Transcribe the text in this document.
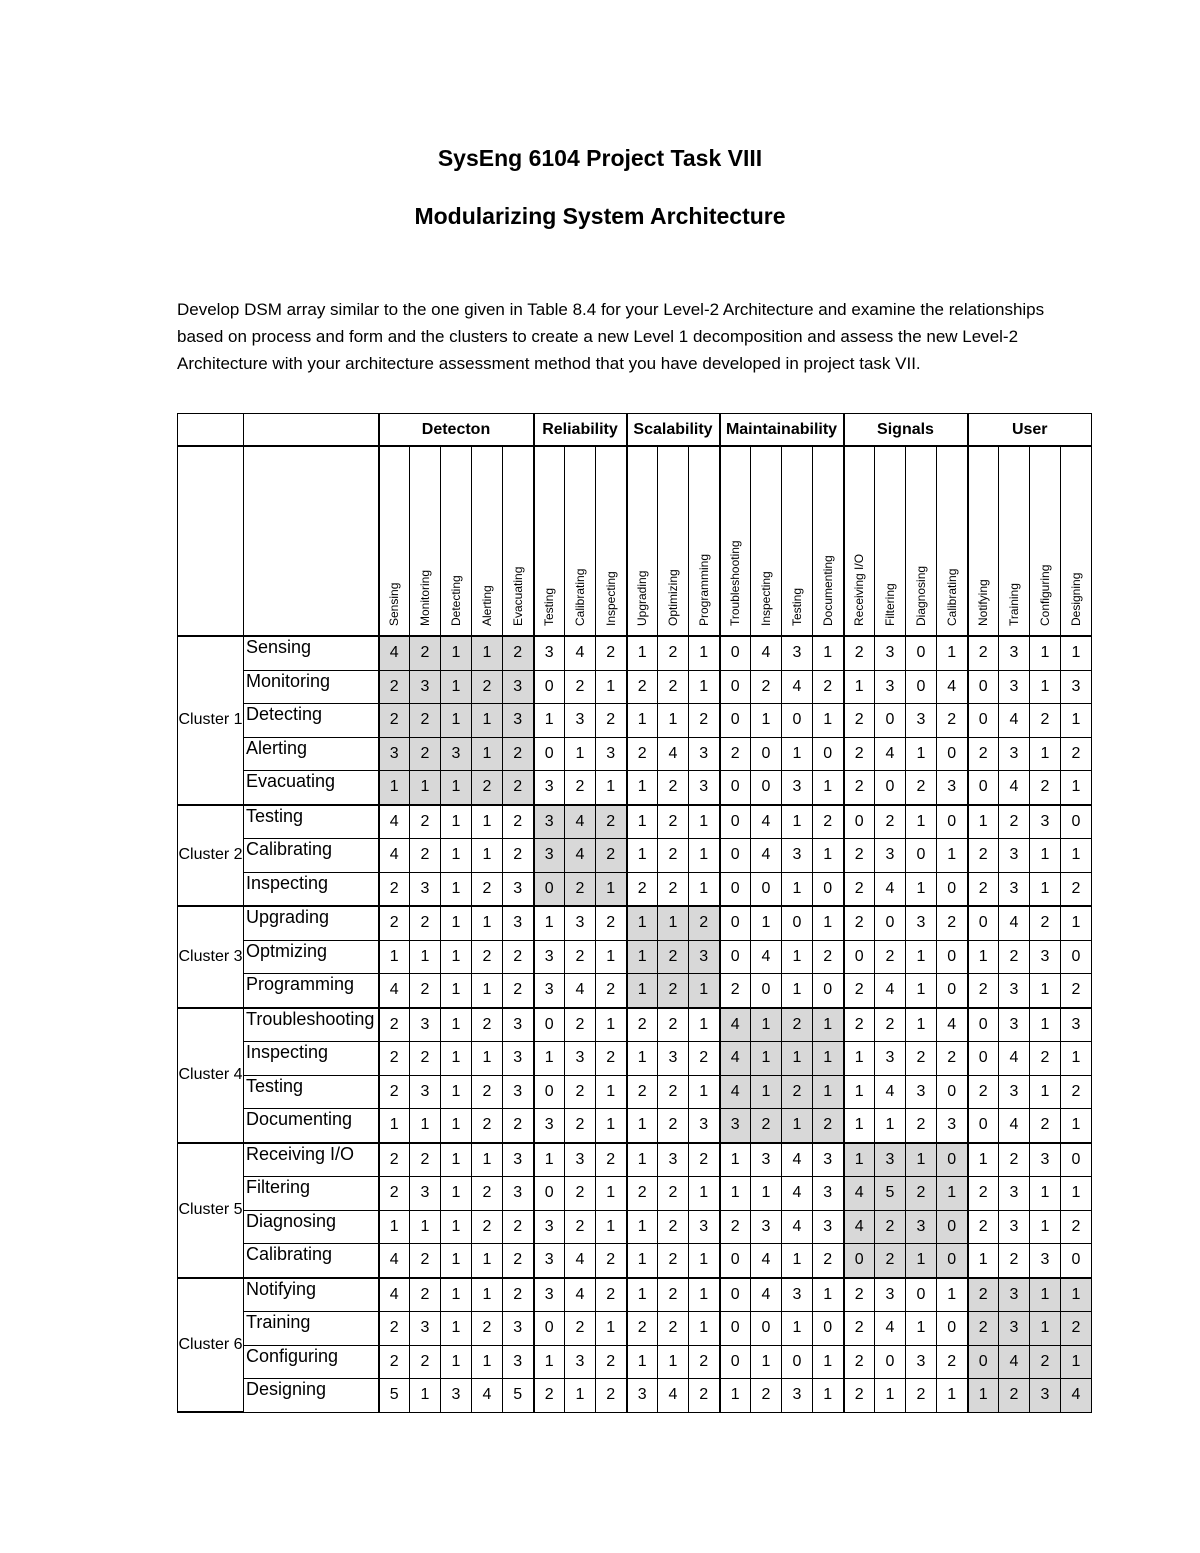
SysEng 6104 Project Task VIII
Modularizing System Architecture
Develop DSM array similar to the one given in Table 8.4 for your Level-2 Architecture and examine the relationships based on process and form and the clusters to create a new Level 1 decomposition and assess the new Level-2 Architecture with your architecture assessment method that you have developed in project task VII.
		Detecton					Reliability			Scalability			Maintainability				Signals				User			

		Sensing	Monitoring	Detecting	Alerting	Evacuating	Testing	Calibrating	Inspecting	Upgrading	Optimizing	Programming	Troubleshooting	Inspecting	Testing	Documenting	Receiving I/O	Filtering	Diagnosing	Calibrating	Notifying	Training	Configuring	Designing

Cluster 1	Sensing	4	2	1	1	2	3	4	2	1	2	1	0	4	3	1	2	3	0	1	2	3	1	1
	Monitoring	2	3	1	2	3	0	2	1	2	2	1	0	2	4	2	1	3	0	4	0	3	1	3
	Detecting	2	2	1	1	3	1	3	2	1	1	2	0	1	0	1	2	0	3	2	0	4	2	1
	Alerting	3	2	3	1	2	0	1	3	2	4	3	2	0	1	0	2	4	1	0	2	3	1	2
	Evacuating	1	1	1	2	2	3	2	1	1	2	3	0	0	3	1	2	0	2	3	0	4	2	1
Cluster 2	Testing	4	2	1	1	2	3	4	2	1	2	1	0	4	1	2	0	2	1	0	1	2	3	0
	Calibrating	4	2	1	1	2	3	4	2	1	2	1	0	4	3	1	2	3	0	1	2	3	1	1
	Inspecting	2	3	1	2	3	0	2	1	2	2	1	0	0	1	0	2	4	1	0	2	3	1	2
Cluster 3	Upgrading	2	2	1	1	3	1	3	2	1	1	2	0	1	0	1	2	0	3	2	0	4	2	1
	Optmizing	1	1	1	2	2	3	2	1	1	2	3	0	4	1	2	0	2	1	0	1	2	3	0
	Programming	4	2	1	1	2	3	4	2	1	2	1	2	0	1	0	2	4	1	0	2	3	1	2
Cluster 4	Troubleshooting	2	3	1	2	3	0	2	1	2	2	1	4	1	2	1	2	2	1	4	0	3	1	3
	Inspecting	2	2	1	1	3	1	3	2	1	3	2	4	1	1	1	1	3	2	2	0	4	2	1
	Testing	2	3	1	2	3	0	2	1	2	2	1	4	1	2	1	1	4	3	0	2	3	1	2
	Documenting	1	1	1	2	2	3	2	1	1	2	3	3	2	1	2	1	1	2	3	0	4	2	1
Cluster 5	Receiving I/O	2	2	1	1	3	1	3	2	1	3	2	1	3	4	3	1	3	1	0	1	2	3	0
	Filtering	2	3	1	2	3	0	2	1	2	2	1	1	1	4	3	4	5	2	1	2	3	1	1
	Diagnosing	1	1	1	2	2	3	2	1	1	2	3	2	3	4	3	4	2	3	0	2	3	1	2
	Calibrating	4	2	1	1	2	3	4	2	1	2	1	0	4	1	2	0	2	1	0	1	2	3	0
Cluster 6	Notifying	4	2	1	1	2	3	4	2	1	2	1	0	4	3	1	2	3	0	1	2	3	1	1
	Training	2	3	1	2	3	0	2	1	2	2	1	0	0	1	0	2	4	1	0	2	3	1	2
	Configuring	2	2	1	1	3	1	3	2	1	1	2	0	1	0	1	2	0	3	2	0	4	2	1
	Designing	5	1	3	4	5	2	1	2	3	4	2	1	2	3	1	2	1	2	1	1	2	3	4
